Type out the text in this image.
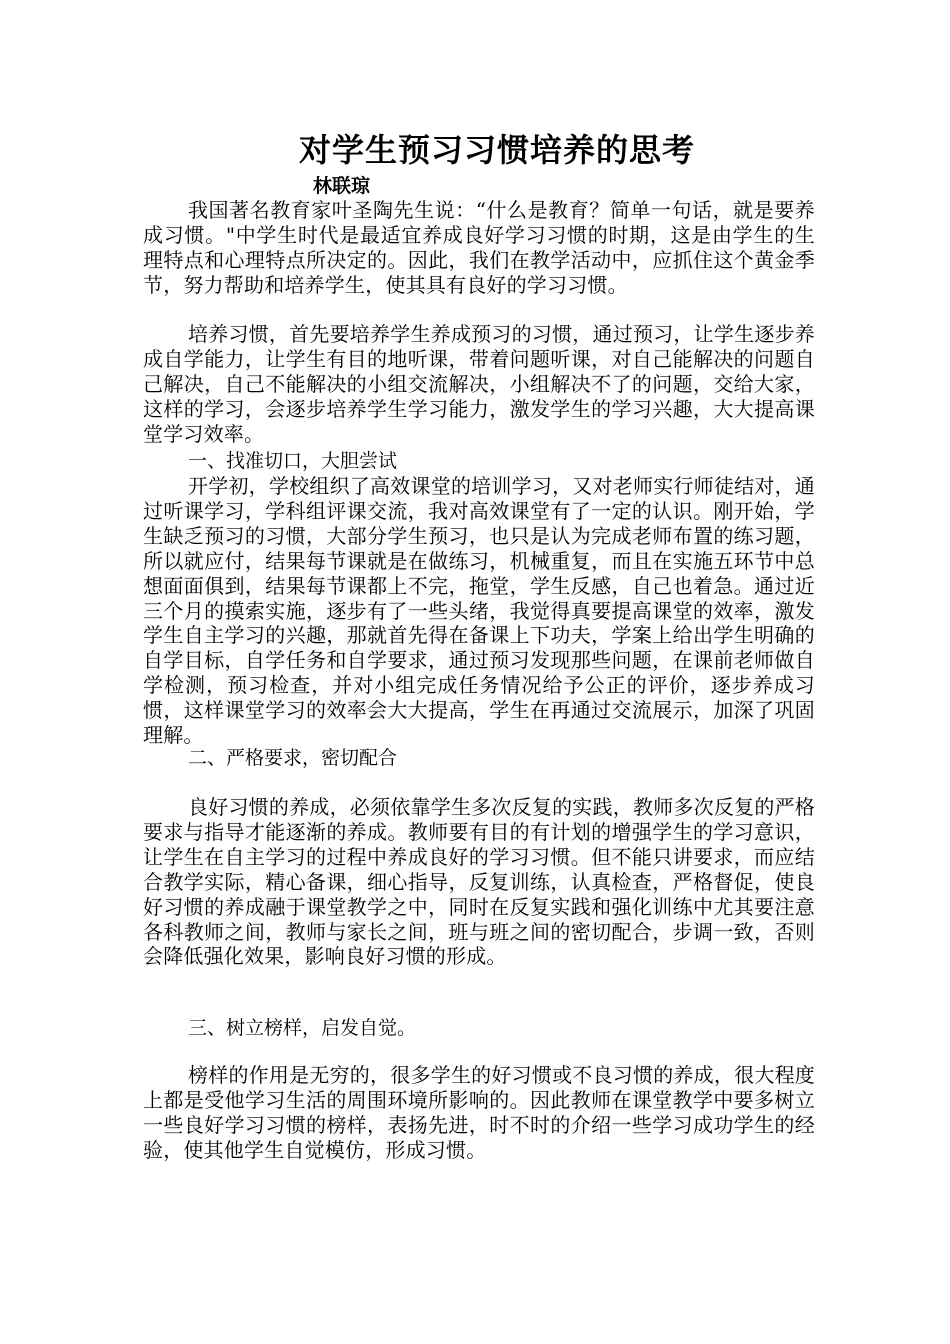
对学生预习习惯培养的思考
林联琼
我国著名教育家叶圣陶先生说：“什么是教育？简单一句话，就是要养成习惯。"中学生时代是最适宜养成良好学习习惯的时期，这是由学生的生理特点和心理特点所决定的。因此，我们在教学活动中，应抓住这个黄金季节，努力帮助和培养学生，使其具有良好的学习习惯。
培养习惯，首先要培养学生养成预习的习惯，通过预习，让学生逐步养成自学能力，让学生有目的地听课，带着问题听课，对自己能解决的问题自己解决，自己不能解决的小组交流解决，小组解决不了的问题，交给大家，这样的学习，会逐步培养学生学习能力，激发学生的学习兴趣，大大提高课堂学习效率。
一、找准切口，大胆尝试
开学初，学校组织了高效课堂的培训学习，又对老师实行师徒结对，通过听课学习，学科组评课交流，我对高效课堂有了一定的认识。刚开始，学生缺乏预习的习惯，大部分学生预习，也只是认为完成老师布置的练习题，所以就应付，结果每节课就是在做练习，机械重复，而且在实施五环节中总想面面俱到，结果每节课都上不完，拖堂，学生反感，自己也着急。通过近三个月的摸索实施，逐步有了一些头绪，我觉得真要提高课堂的效率，激发学生自主学习的兴趣，那就首先得在备课上下功夫，学案上给出学生明确的自学目标，自学任务和自学要求，通过预习发现那些问题，在课前老师做自学检测，预习检查，并对小组完成任务情况给予公正的评价，逐步养成习惯，这样课堂学习的效率会大大提高，学生在再通过交流展示，加深了巩固理解。
二、严格要求，密切配合
良好习惯的养成，必须依靠学生多次反复的实践，教师多次反复的严格要求与指导才能逐渐的养成。教师要有目的有计划的增强学生的学习意识，让学生在自主学习的过程中养成良好的学习习惯。但不能只讲要求，而应结合教学实际，精心备课，细心指导，反复训练，认真检查，严格督促，使良好习惯的养成融于课堂教学之中，同时在反复实践和强化训练中尤其要注意各科教师之间，教师与家长之间，班与班之间的密切配合，步调一致，否则会降低强化效果，影响良好习惯的形成。
三、树立榜样，启发自觉。
榜样的作用是无穷的，很多学生的好习惯或不良习惯的养成，很大程度上都是受他学习生活的周围环境所影响的。因此教师在课堂教学中要多树立一些良好学习习惯的榜样，表扬先进，时不时的介绍一些学习成功学生的经验，使其他学生自觉模仿，形成习惯。
